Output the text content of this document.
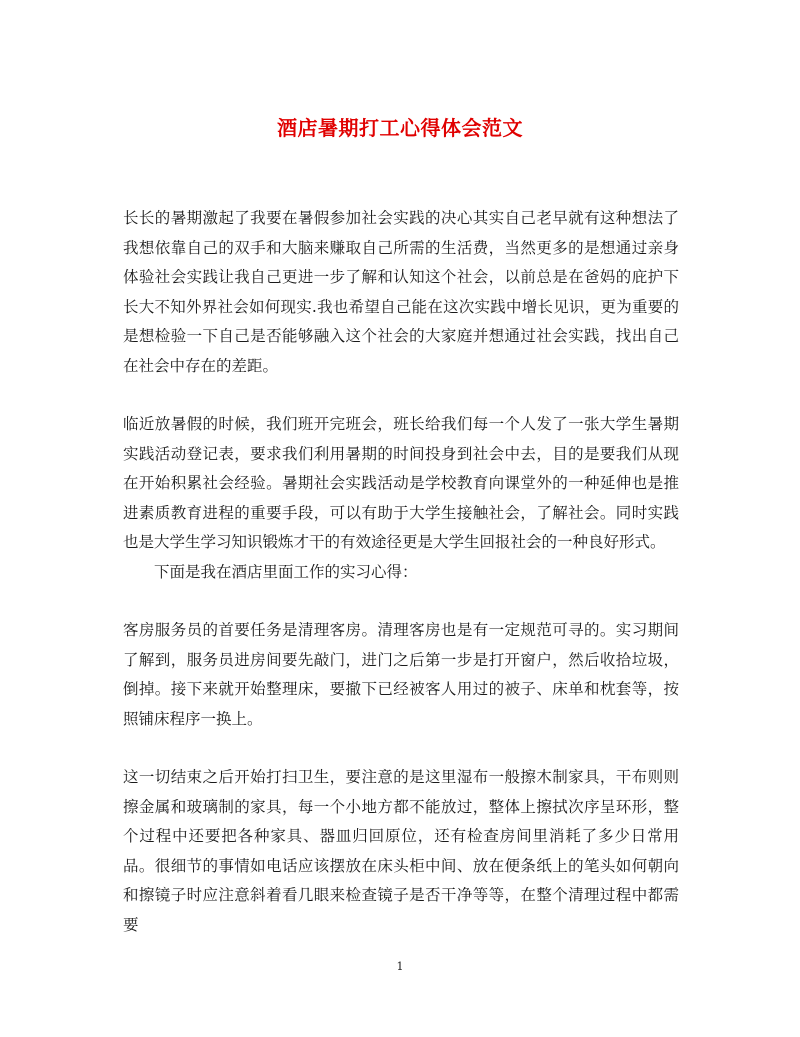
酒店暑期打工心得体会范文

长长的暑期激起了我要在暑假参加社会实践的决心其实自己老早就有这种想法了我想依靠自己的双手和大脑来赚取自己所需的生活费，当然更多的是想通过亲身体验社会实践让我自己更进一步了解和认知这个社会，以前总是在爸妈的庇护下长大不知外界社会如何现实.我也希望自己能在这次实践中增长见识，更为重要的是想检验一下自己是否能够融入这个社会的大家庭并想通过社会实践，找出自己在社会中存在的差距。

临近放暑假的时候，我们班开完班会，班长给我们每一个人发了一张大学生暑期实践活动登记表，要求我们利用暑期的时间投身到社会中去，目的是要我们从现在开始积累社会经验。暑期社会实践活动是学校教育向课堂外的一种延伸也是推进素质教育进程的重要手段，可以有助于大学生接触社会，了解社会。同时实践也是大学生学习知识锻炼才干的有效途径更是大学生回报社会的一种良好形式。

下面是我在酒店里面工作的实习心得：

客房服务员的首要任务是清理客房。清理客房也是有一定规范可寻的。实习期间了解到，服务员进房间要先敲门，进门之后第一步是打开窗户，然后收拾垃圾，倒掉。接下来就开始整理床，要撤下已经被客人用过的被子、床单和枕套等，按照铺床程序一换上。

这一切结束之后开始打扫卫生，要注意的是这里湿布一般擦木制家具，干布则则擦金属和玻璃制的家具，每一个小地方都不能放过，整体上擦拭次序呈环形，整个过程中还要把各种家具、器皿归回原位，还有检查房间里消耗了多少日常用品。很细节的事情如电话应该摆放在床头柜中间、放在便条纸上的笔头如何朝向和擦镜子时应注意斜着看几眼来检查镜子是否干净等等，在整个清理过程中都需要

1
